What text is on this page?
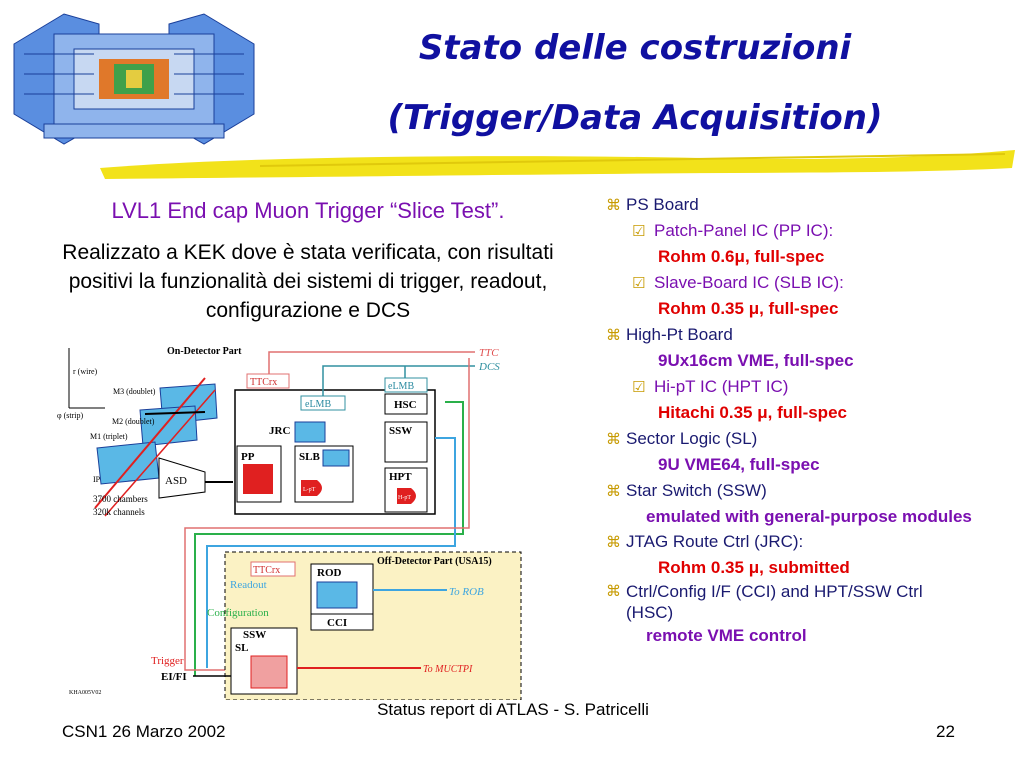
Stato delle costruzioni
(Trigger/Data Acquisition)
LVL1 End cap Muon Trigger “Slice Test”.
Realizzato a KEK dove è stata verificata, con risultati positivi la funzionalità dei sistemi di trigger, readout, configurazione e DCS
r (wire)
φ (strip)
M3 (doublet)
M2 (doublet)
M1 (triplet)
IP
3700 chambers
320k channels
ASD
On-Detector Part
TTCrx
eLMB
eLMB
HSC
SSW
HPT
H-pT
JRC
PP	SLB
L-pT
TTC
DCS
Off-Detector Part (USA15)
TTCrx	ROD
CCI
Readout
Configuration
To ROB
SSW
SL
To MUCTPI
Trigger
EI/FI
KHA005V02
⌘ PS Board
☑ Patch-Panel IC (PP IC):
Rohm 0.6μ, full-spec
☑ Slave-Board IC (SLB IC):
Rohm 0.35 μ, full-spec
⌘ High-Pt Board
9Ux16cm VME, full-spec
☑ Hi-pT IC (HPT IC)
Hitachi 0.35 μ, full-spec
⌘ Sector Logic (SL)
9U VME64, full-spec
⌘ Star Switch (SSW)
emulated with general-purpose modules
⌘ JTAG Route Ctrl (JRC):
Rohm 0.35 μ, submitted
⌘ Ctrl/Config I/F (CCI) and HPT/SSW Ctrl (HSC)
remote VME control
CSN1 26 Marzo 2002
Status report di ATLAS - S. Patricelli
22
